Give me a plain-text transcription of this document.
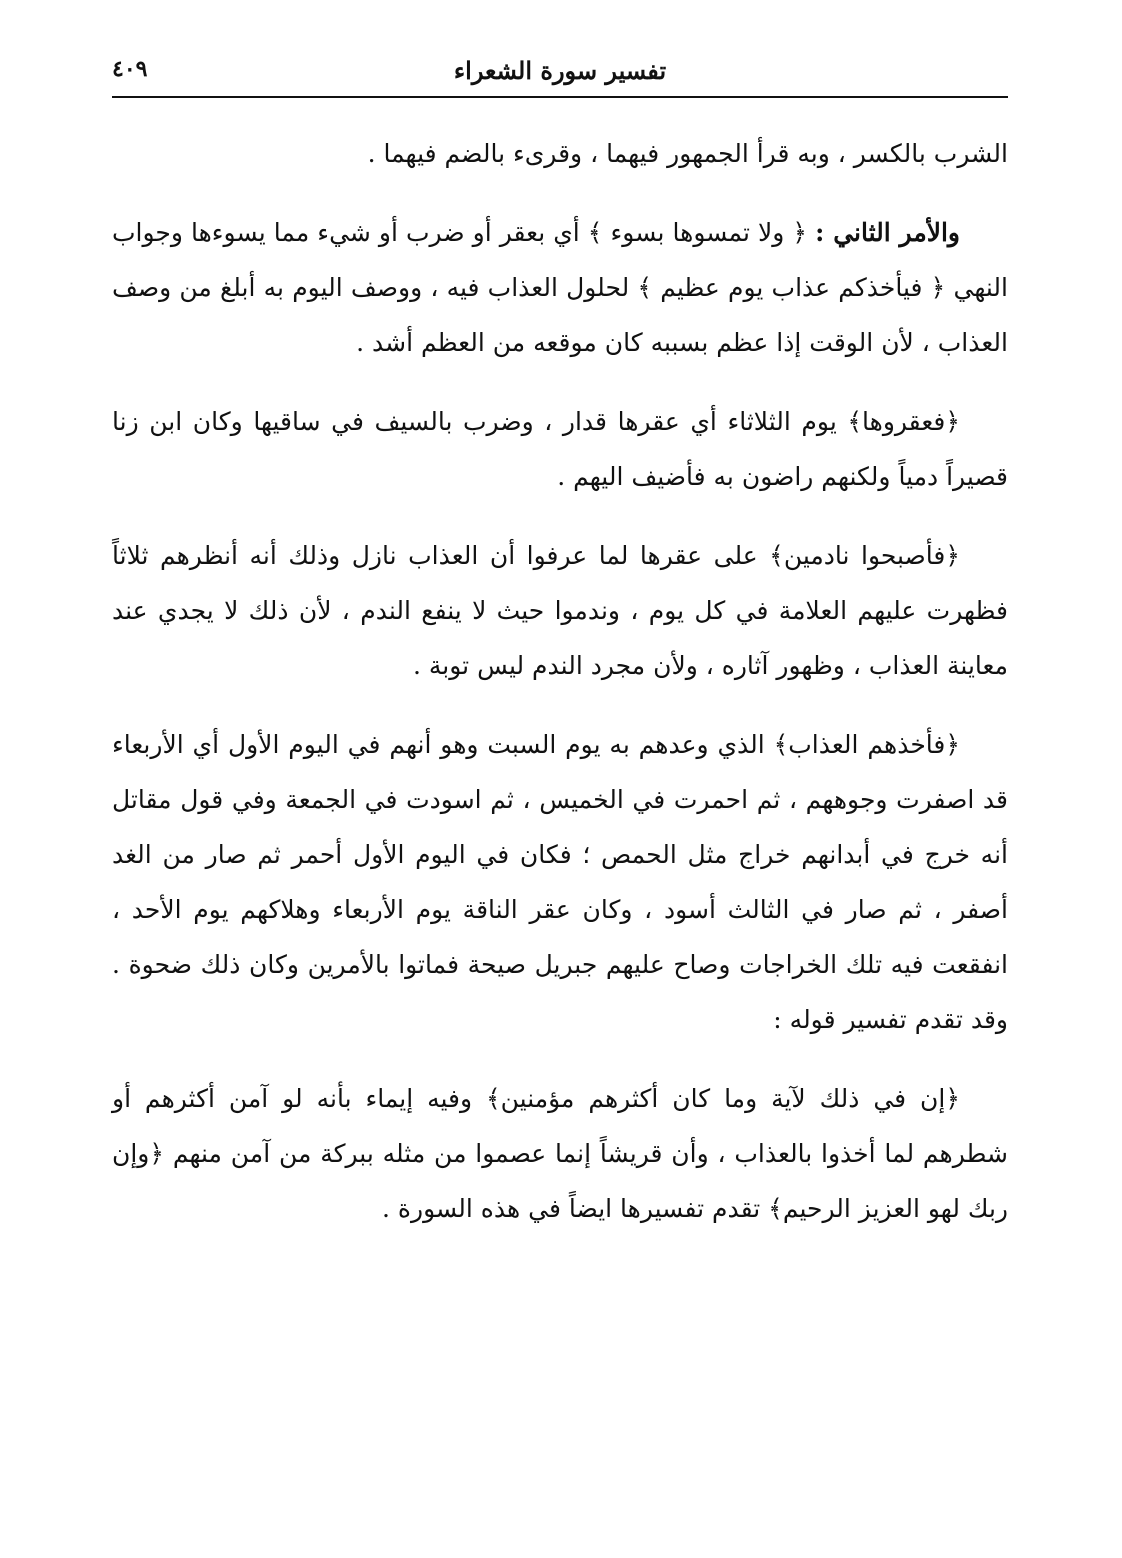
تفسير سورة الشعراء
٤٠٩

الشرب بالكسر ، وبه قرأ الجمهور فيهما ، وقرىء بالضم فيهما .

والأمر الثاني : ﴿ ولا تمسوها بسوء ﴾ أي بعقر أو ضرب أو شيء مما يسوءها وجواب النهي ﴿ فيأخذكم عذاب يوم عظيم ﴾ لحلول العذاب فيه ، ووصف اليوم به أبلغ من وصف العذاب ، لأن الوقت إذا عظم بسببه كان موقعه من العظم أشد .

﴿فعقروها﴾ يوم الثلاثاء أي عقرها قدار ، وضرب بالسيف في ساقيها وكان ابن زنا قصيراً دمياً ولكنهم راضون به فأضيف اليهم .

﴿فأصبحوا نادمين﴾ على عقرها لما عرفوا أن العذاب نازل وذلك أنه أنظرهم ثلاثاً فظهرت عليهم العلامة في كل يوم ، وندموا حيث لا ينفع الندم ، لأن ذلك لا يجدي عند معاينة العذاب ، وظهور آثاره ، ولأن مجرد الندم ليس توبة .

﴿فأخذهم العذاب﴾ الذي وعدهم به يوم السبت وهو أنهم في اليوم الأول أي الأربعاء قد اصفرت وجوههم ، ثم احمرت في الخميس ، ثم اسودت في الجمعة وفي قول مقاتل أنه خرج في أبدانهم خراج مثل الحمص ؛ فكان في اليوم الأول أحمر ثم صار من الغد أصفر ، ثم صار في الثالث أسود ، وكان عقر الناقة يوم الأربعاء وهلاكهم يوم الأحد ، انفقعت فيه تلك الخراجات وصاح عليهم جبريل صيحة فماتوا بالأمرين وكان ذلك ضحوة . وقد تقدم تفسير قوله :

﴿إن في ذلك لآية وما كان أكثرهم مؤمنين﴾ وفيه إيماء بأنه لو آمن أكثرهم أو شطرهم لما أخذوا بالعذاب ، وأن قريشاً إنما عصموا من مثله ببركة من آمن منهم ﴿وإن ربك لهو العزيز الرحيم﴾ تقدم تفسيرها ايضاً في هذه السورة .
